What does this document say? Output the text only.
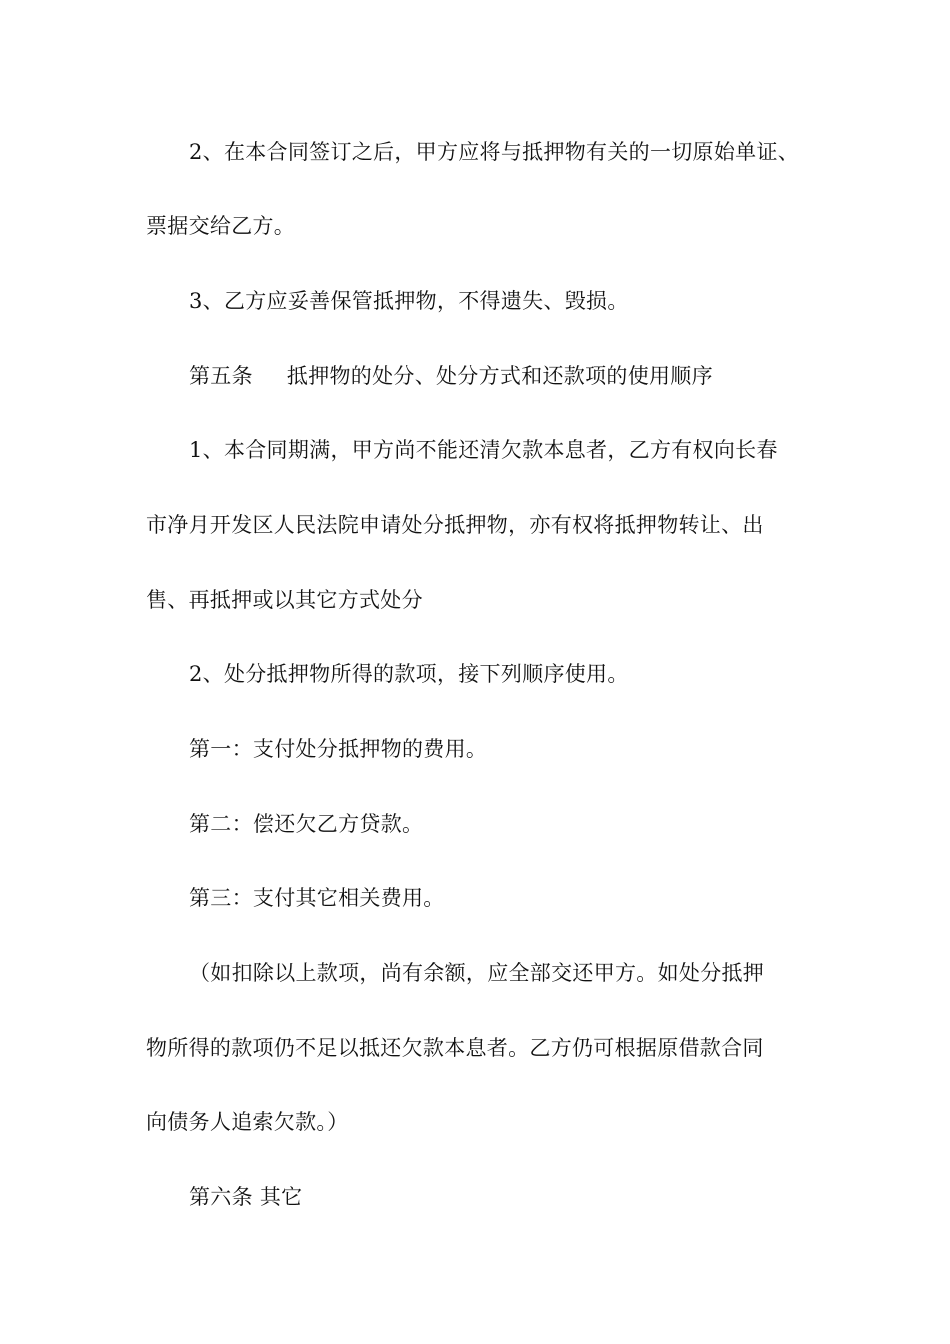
2、在本合同签订之后，甲方应将与抵押物有关的一切原始单证、
票据交给乙方。
3、乙方应妥善保管抵押物，不得遗失、毁损。
第五条 抵押物的处分、处分方式和还款项的使用顺序
1、本合同期满，甲方尚不能还清欠款本息者，乙方有权向长春
市净月开发区人民法院申请处分抵押物，亦有权将抵押物转让、出
售、再抵押或以其它方式处分
2、处分抵押物所得的款项，接下列顺序使用。
第一：支付处分抵押物的费用。
第二：偿还欠乙方贷款。
第三：支付其它相关费用。
（如扣除以上款项，尚有余额，应全部交还甲方。如处分抵押
物所得的款项仍不足以抵还欠款本息者。乙方仍可根据原借款合同
向债务人追索欠款。）
第六条 其它
